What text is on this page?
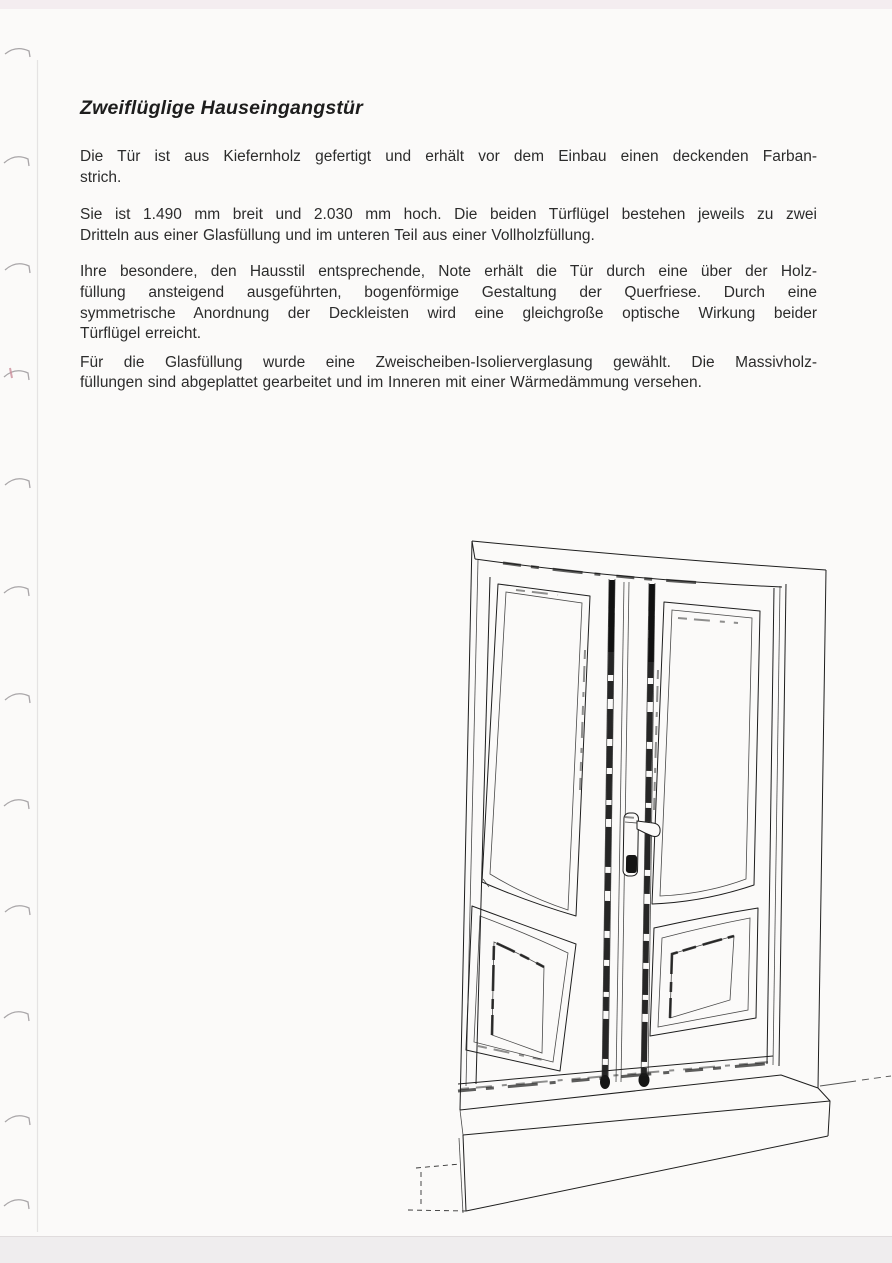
Zweiflüglige Hauseingangstür

Die Tür ist aus Kiefernholz gefertigt und erhält vor dem Einbau einen deckenden Farban-
strich.

Sie ist 1.490 mm breit und 2.030 mm hoch. Die beiden Türflügel bestehen jeweils zu zwei
Dritteln aus einer Glasfüllung und im unteren Teil aus einer Vollholzfüllung.

Ihre besondere, den Hausstil entsprechende, Note erhält die Tür durch eine über der Holz-
füllung ansteigend ausgeführten, bogenförmige Gestaltung der Querfriese. Durch eine
symmetrische Anordnung der Deckleisten wird eine gleichgroße optische Wirkung beider
Türflügel erreicht.

Für die Glasfüllung wurde eine Zweischeiben-Isolierverglasung gewählt. Die Massivholz-
füllungen sind abgeplattet gearbeitet und im Inneren mit einer Wärmedämmung versehen.
